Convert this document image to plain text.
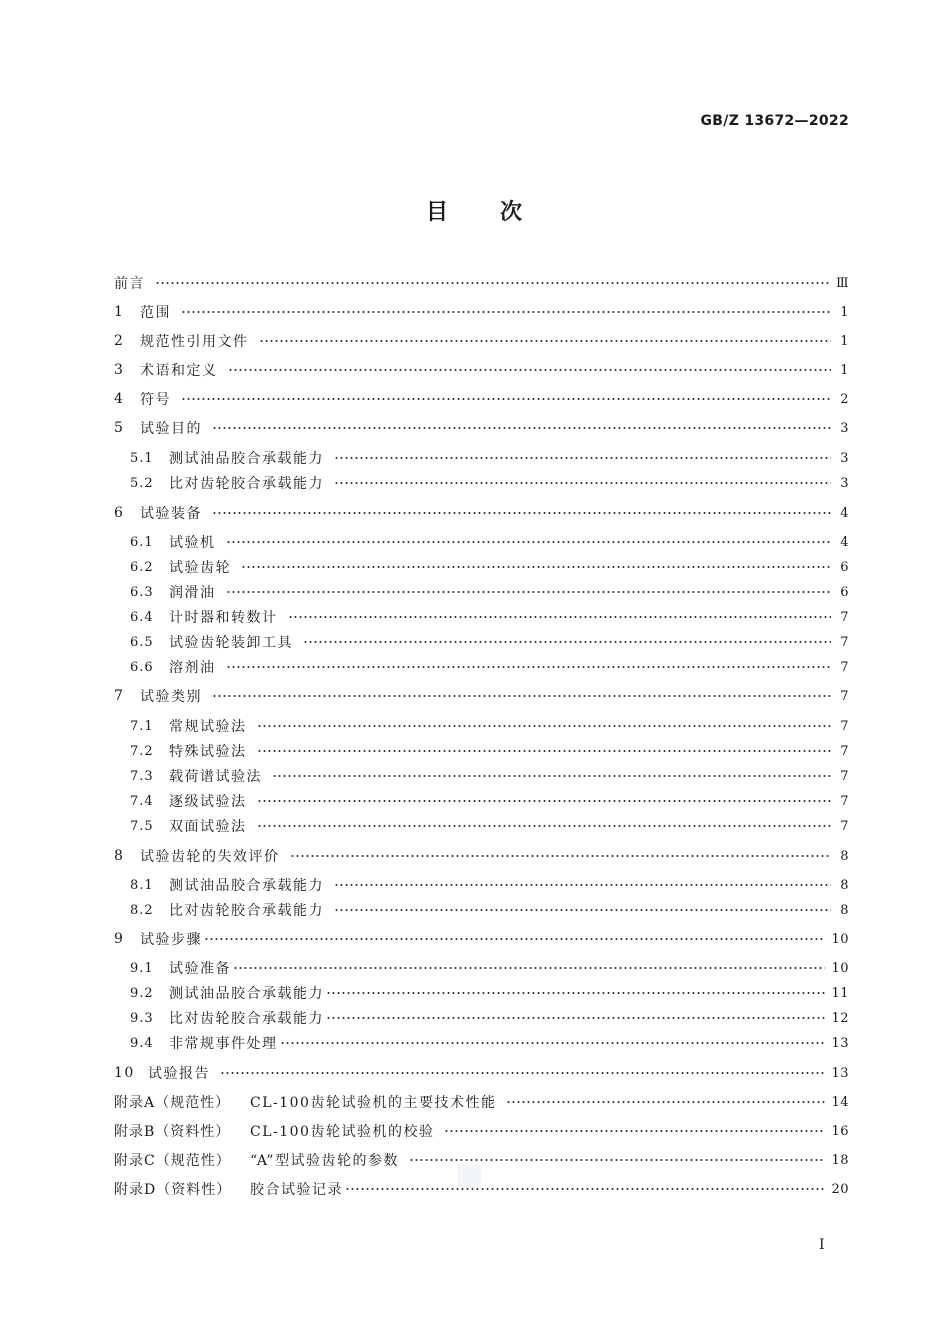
GB/Z 13672—2022
目 次
前言	Ⅲ
1	范围	1
2	规范性引用文件	1
3	术语和定义	1
4	符号	2
5	试验目的	3
5.1	测试油品胶合承载能力	3
5.2	比对齿轮胶合承载能力	3
6	试验装备	4
6.1	试验机	4
6.2	试验齿轮	6
6.3	润滑油	6
6.4	计时器和转数计	7
6.5	试验齿轮装卸工具	7
6.6	溶剂油	7
7	试验类别	7
7.1	常规试验法	7
7.2	特殊试验法	7
7.3	载荷谱试验法	7
7.4	逐级试验法	7
7.5	双面试验法	7
8	试验齿轮的失效评价	8
8.1	测试油品胶合承载能力	8
8.2	比对齿轮胶合承载能力	8
9	试验步骤	10
9.1	试验准备	10
9.2	测试油品胶合承载能力	11
9.3	比对齿轮胶合承载能力	12
9.4	非常规事件处理	13
10 试验报告	13
附录A（规范性）	CL-100齿轮试验机的主要技术性能	14
附录B（资料性）	CL-100齿轮试验机的校验	16
附录C（规范性）	“A”型试验齿轮的参数	18
附录D（资料性）	胶合试验记录	20
Ⅰ
